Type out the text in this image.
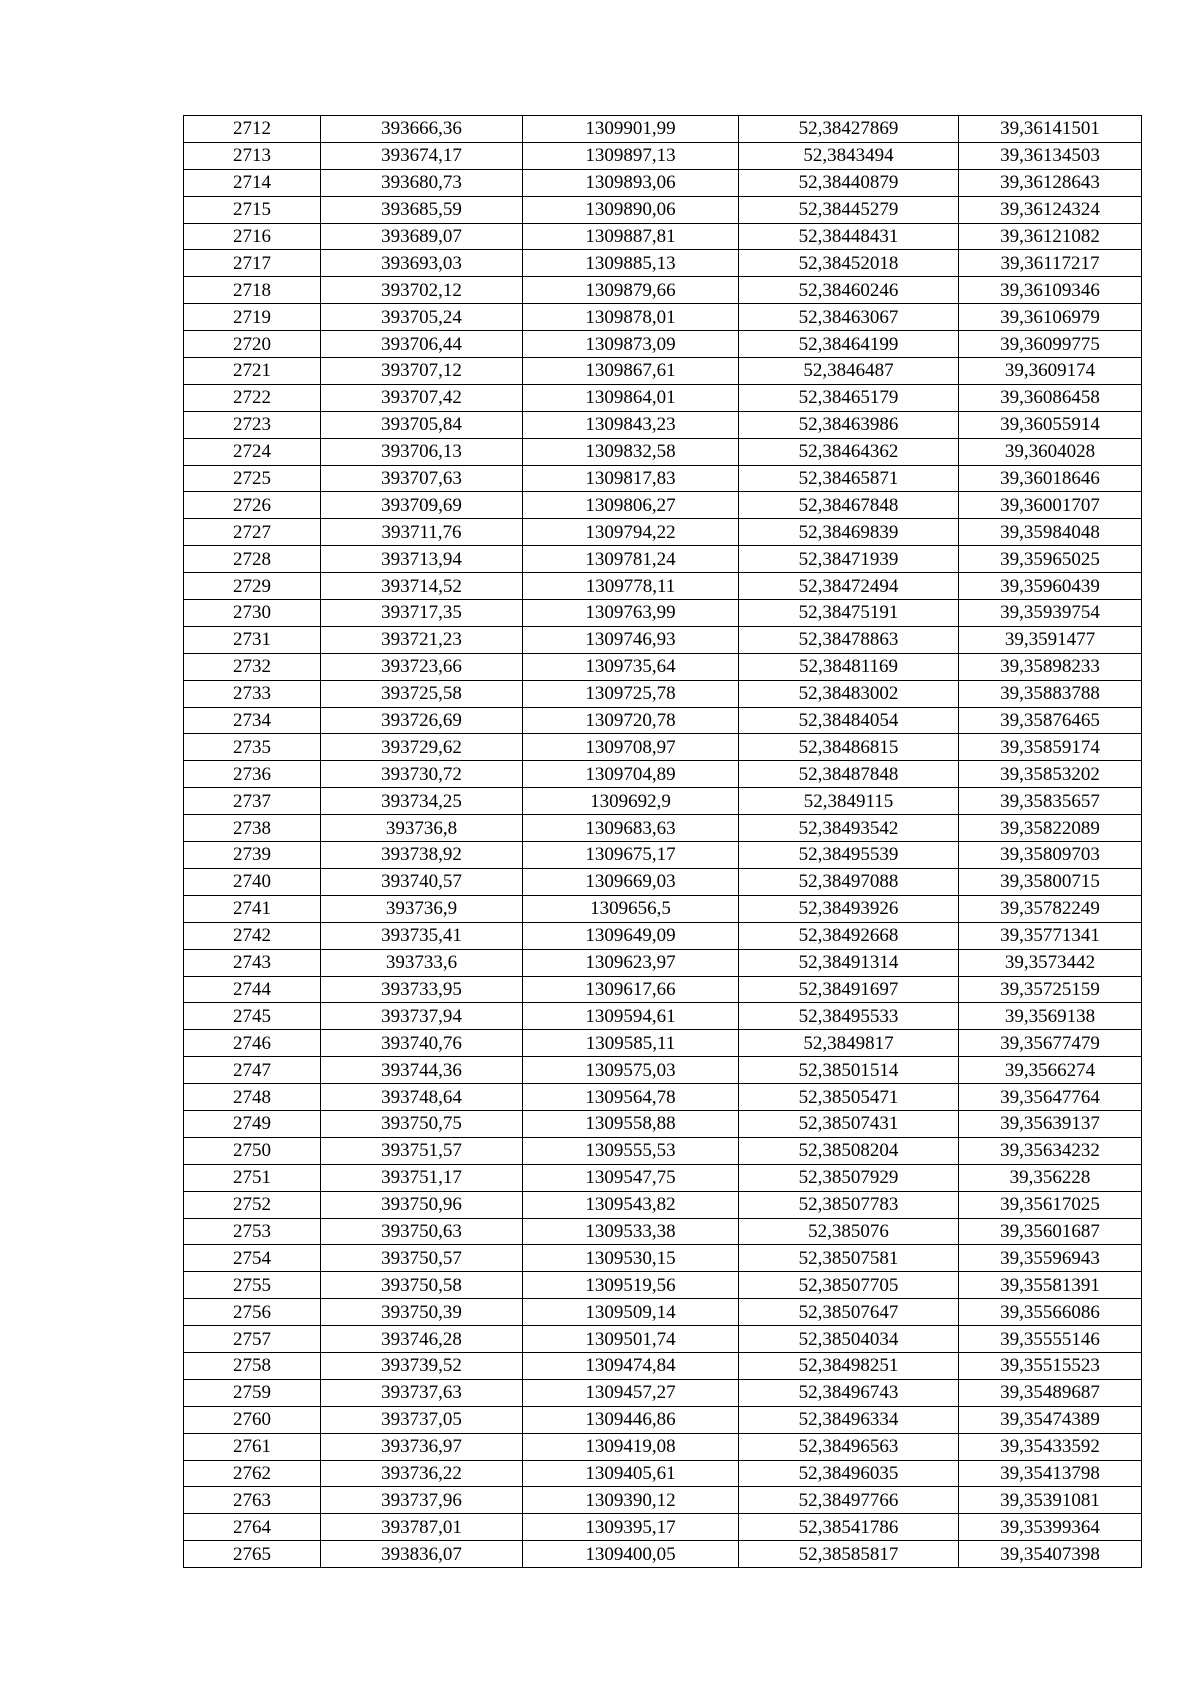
2712	393666,36	1309901,99	52,38427869	39,36141501
2713	393674,17	1309897,13	52,3843494	39,36134503
2714	393680,73	1309893,06	52,38440879	39,36128643
2715	393685,59	1309890,06	52,38445279	39,36124324
2716	393689,07	1309887,81	52,38448431	39,36121082
2717	393693,03	1309885,13	52,38452018	39,36117217
2718	393702,12	1309879,66	52,38460246	39,36109346
2719	393705,24	1309878,01	52,38463067	39,36106979
2720	393706,44	1309873,09	52,38464199	39,36099775
2721	393707,12	1309867,61	52,3846487	39,3609174
2722	393707,42	1309864,01	52,38465179	39,36086458
2723	393705,84	1309843,23	52,38463986	39,36055914
2724	393706,13	1309832,58	52,38464362	39,3604028
2725	393707,63	1309817,83	52,38465871	39,36018646
2726	393709,69	1309806,27	52,38467848	39,36001707
2727	393711,76	1309794,22	52,38469839	39,35984048
2728	393713,94	1309781,24	52,38471939	39,35965025
2729	393714,52	1309778,11	52,38472494	39,35960439
2730	393717,35	1309763,99	52,38475191	39,35939754
2731	393721,23	1309746,93	52,38478863	39,3591477
2732	393723,66	1309735,64	52,38481169	39,35898233
2733	393725,58	1309725,78	52,38483002	39,35883788
2734	393726,69	1309720,78	52,38484054	39,35876465
2735	393729,62	1309708,97	52,38486815	39,35859174
2736	393730,72	1309704,89	52,38487848	39,35853202
2737	393734,25	1309692,9	52,3849115	39,35835657
2738	393736,8	1309683,63	52,38493542	39,35822089
2739	393738,92	1309675,17	52,38495539	39,35809703
2740	393740,57	1309669,03	52,38497088	39,35800715
2741	393736,9	1309656,5	52,38493926	39,35782249
2742	393735,41	1309649,09	52,38492668	39,35771341
2743	393733,6	1309623,97	52,38491314	39,3573442
2744	393733,95	1309617,66	52,38491697	39,35725159
2745	393737,94	1309594,61	52,38495533	39,3569138
2746	393740,76	1309585,11	52,3849817	39,35677479
2747	393744,36	1309575,03	52,38501514	39,3566274
2748	393748,64	1309564,78	52,38505471	39,35647764
2749	393750,75	1309558,88	52,38507431	39,35639137
2750	393751,57	1309555,53	52,38508204	39,35634232
2751	393751,17	1309547,75	52,38507929	39,356228
2752	393750,96	1309543,82	52,38507783	39,35617025
2753	393750,63	1309533,38	52,385076	39,35601687
2754	393750,57	1309530,15	52,38507581	39,35596943
2755	393750,58	1309519,56	52,38507705	39,35581391
2756	393750,39	1309509,14	52,38507647	39,35566086
2757	393746,28	1309501,74	52,38504034	39,35555146
2758	393739,52	1309474,84	52,38498251	39,35515523
2759	393737,63	1309457,27	52,38496743	39,35489687
2760	393737,05	1309446,86	52,38496334	39,35474389
2761	393736,97	1309419,08	52,38496563	39,35433592
2762	393736,22	1309405,61	52,38496035	39,35413798
2763	393737,96	1309390,12	52,38497766	39,35391081
2764	393787,01	1309395,17	52,38541786	39,35399364
2765	393836,07	1309400,05	52,38585817	39,35407398
